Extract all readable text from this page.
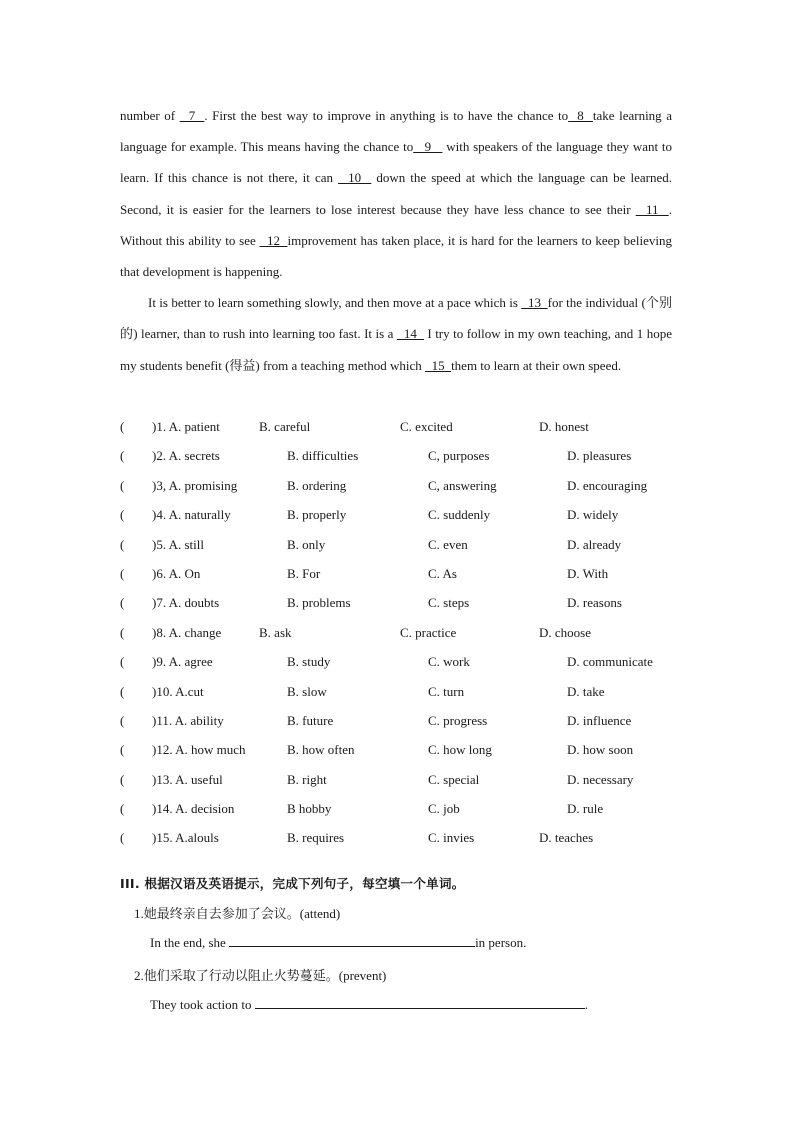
number of   7  . First the best way to improve in anything is to have the chance to  8  take learning a language for example. This means having the chance to   9    with speakers of the language they want to learn. If this chance is not there, it can   10   down the speed at which the language can be learned. Second, it is easier for the learners to lose interest because they have less chance to see their   11  . Without this ability to see   12  improvement has taken place, it is hard for the learners to keep believing that development is happening.

It is better to learn something slowly, and then move at a pace which is   13  for the individual (个别的) learner, than to rush into learning too fast. It is a   14   I try to follow in my own teaching, and 1 hope my students benefit (得益) from a teaching method which   15  them to learn at their own speed.

( )1. A. patient	B. careful	C. excited	D. honest
( )2. A. secrets	B. difficulties	C, purposes	D. pleasures
( )3, A. promising	B. ordering	C, answering	D. encouraging
( )4. A. naturally	B. properly	C. suddenly	D. widely
( )5. A. still	B. only	C. even	D. already
( )6. A. On	B. For	C. As	D. With
( )7. A. doubts	B. problems	C. steps	D. reasons
( )8. A. change	B. ask	C. practice	D. choose
( )9. A. agree	B. study	C. work	D. communicate
( )10. A.cut	B. slow	C. turn	D. take
( )11. A. ability	B. future	C. progress	D. influence
( )12. A. how much	B. how often	C. how long	D. how soon
( )13. A. useful	B. right	C. special	D. necessary
( )14. A. decision	B hobby	C. job	D. rule
( )15. A.alouls	B. requires	C. invies	D. teaches
III. 根据汉语及英语提示，完成下列句子，每空填一个单词。
1.她最终亲自去参加了会议。(attend)
In the end, she	in person.
2.他们采取了行动以阻止火势蔓延。(prevent)
They took action to	.
